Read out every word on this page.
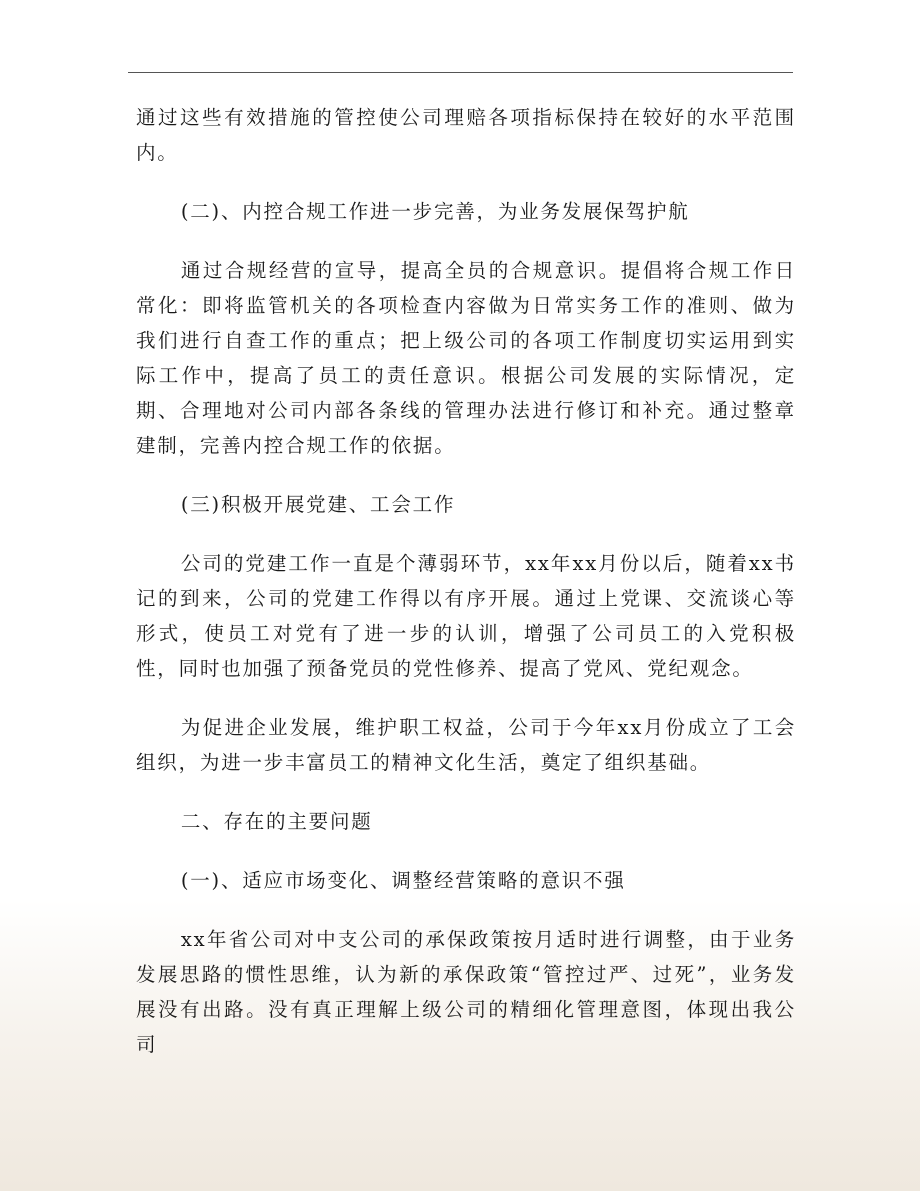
通过这些有效措施的管控使公司理赔各项指标保持在较好的水平范围内。

(二)、内控合规工作进一步完善，为业务发展保驾护航

通过合规经营的宣导，提高全员的合规意识。提倡将合规工作日常化：即将监管机关的各项检查内容做为日常实务工作的准则、做为我们进行自查工作的重点；把上级公司的各项工作制度切实运用到实际工作中，提高了员工的责任意识。根据公司发展的实际情况，定期、合理地对公司内部各条线的管理办法进行修订和补充。通过整章建制，完善内控合规工作的依据。

(三)积极开展党建、工会工作

公司的党建工作一直是个薄弱环节，xx年xx月份以后，随着xx书记的到来，公司的党建工作得以有序开展。通过上党课、交流谈心等形式，使员工对党有了进一步的认训，增强了公司员工的入党积极性，同时也加强了预备党员的党性修养、提高了党风、党纪观念。

为促进企业发展，维护职工权益，公司于今年xx月份成立了工会组织，为进一步丰富员工的精神文化生活，奠定了组织基础。

二、存在的主要问题

(一)、适应市场变化、调整经营策略的意识不强

xx年省公司对中支公司的承保政策按月适时进行调整，由于业务发展思路的惯性思维，认为新的承保政策“管控过严、过死”，业务发展没有出路。没有真正理解上级公司的精细化管理意图，体现出我公司
